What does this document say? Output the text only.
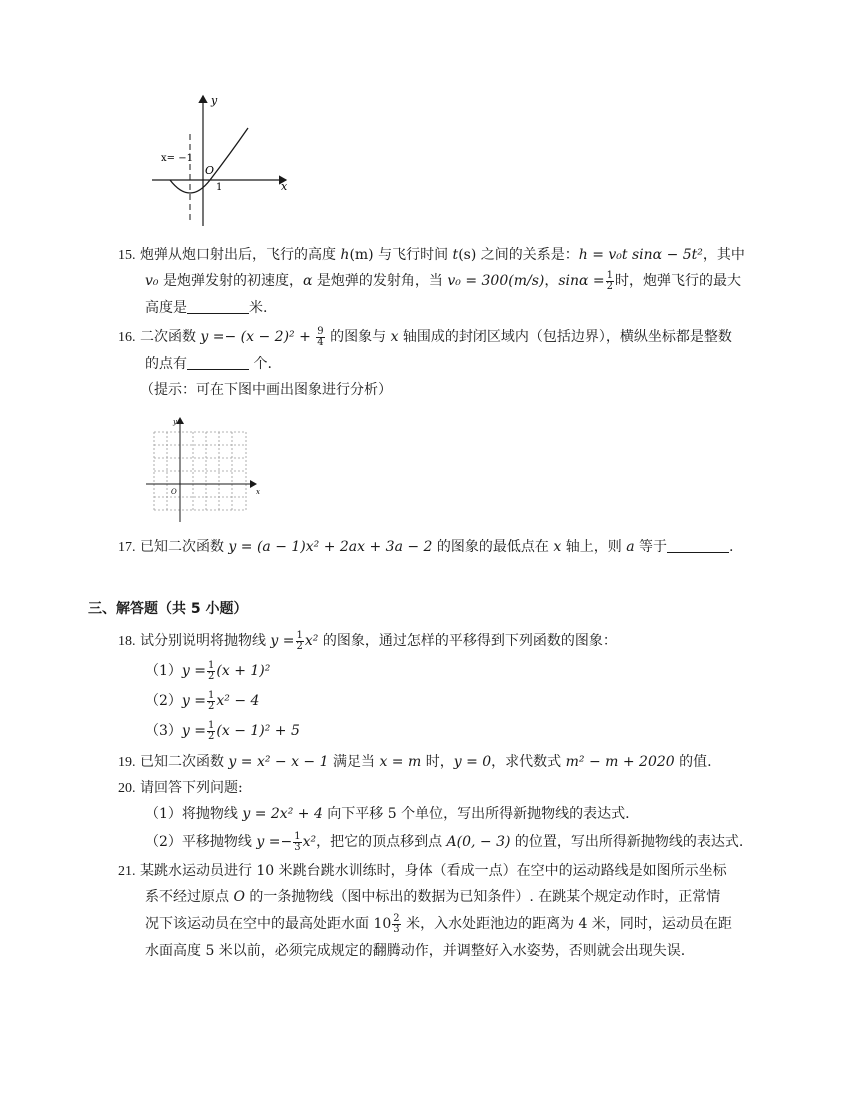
y
x
x= −1
O
1
15. 炮弹从炮口射出后，飞行的高度 h(m) 与飞行时间 t(s) 之间的关系是：h = v₀t sinα − 5t²，其中
v₀ 是炮弹发射的初速度，α 是炮弹的发射角，当 v₀ = 300(m/s)，$\sin\alpha = \frac{1}{2}$ 时，炮弹飞行的最大
高度是	米.
16. 二次函数 $y =- (x - 2)^2 + \frac{9}{4}$ 的图象与 x 轴围成的封闭区域内（包括边界），横纵坐标都是整数
的点有	个.
（提示：可在下图中画出图象进行分析）
y
x
O
17. 已知二次函数 y = (a − 1)x² + 2ax + 3a − 2 的图象的最低点在 x 轴上，则 a 等于	.
三、解答题（共 5 小题）
18. 试分别说明将抛物线 $y = \frac{1}{2} x^2$ 的图象，通过怎样的平移得到下列函数的图象：
$(1)y = \frac{1}{2} (x + 1)^2$
$(2)y = \frac{1}{2} x^2 - 4$
$(3)y = \frac{1}{2} (x - 1)^2 + 5$
19. 已知二次函数 y = x² − x − 1 满足当 x = m 时，y = 0，求代数式 m² − m + 2020 的值.
20. 请回答下列问题:
（1）将抛物线 y = 2x² + 4 向下平移 5 个单位，写出所得新抛物线的表达式.
（2）平移抛物线 $y =- \frac{1}{3} x^2$，把它的顶点移到点 A(0, − 3) 的位置，写出所得新抛物线的表达式.
21. 某跳水运动员进行 10 米跳台跳水训练时，身体（看成一点）在空中的运动路线是如图所示坐标
系不经过原点 O 的一条抛物线（图中标出的数据为已知条件）. 在跳某个规定动作时，正常情
况下该运动员在空中的最高处距水面 $10 \frac{2}{3}$ 米，入水处距池边的距离为 4 米，同时，运动员在距
水面高度 5 米以前，必须完成规定的翻腾动作，并调整好入水姿势，否则就会出现失误.
